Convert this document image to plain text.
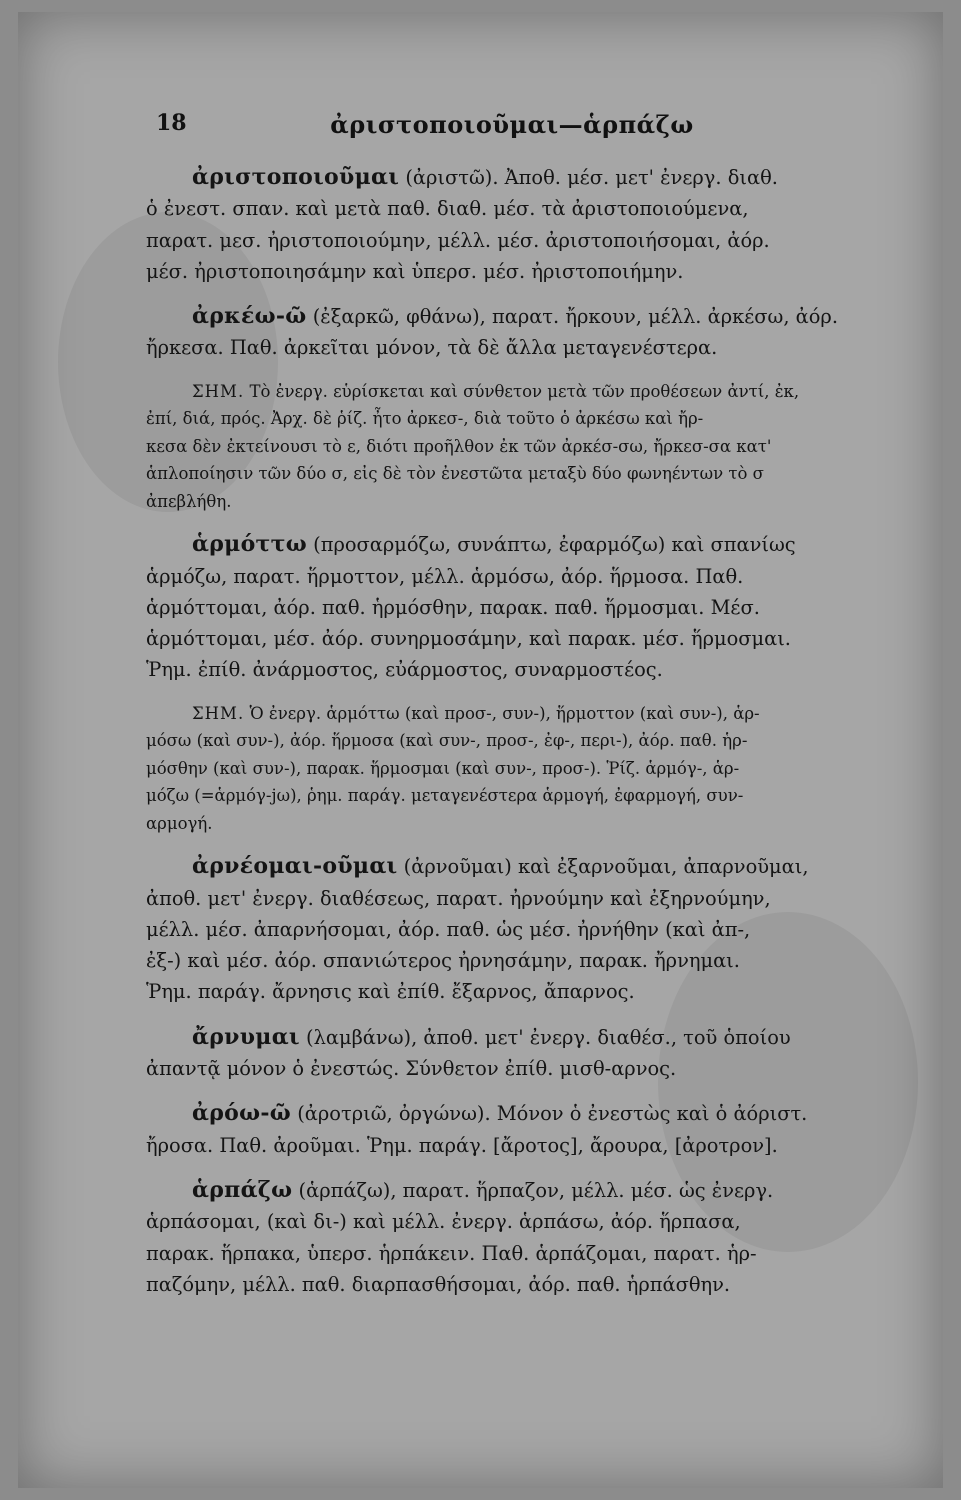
18	ἀριστοποιοῦμαι—ἁρπάζω
ἀριστοποιοῦμαι (ἀριστῶ). Ἀποθ. μέσ. μετ' ἐνεργ. διαθ.
ὁ ἐνεστ. σπαν. καὶ μετὰ παθ. διαθ. μέσ. τὰ ἀριστοποιούμενα,
παρατ. μεσ. ἠριστοποιούμην, μέλλ. μέσ. ἀριστοποιήσομαι, ἀόρ.
μέσ. ἠριστοποιησάμην καὶ ὑπερσ. μέσ. ἠριστοποιήμην.
ἀρκέω-ῶ (ἐξαρκῶ, φθάνω), παρατ. ἤρκουν, μέλλ. ἀρκέσω, ἀόρ.
ἤρκεσα. Παθ. ἀρκεῖται μόνον, τὰ δὲ ἄλλα μεταγενέστερα.
ΣΗΜ. Τὸ ἐνεργ. εὑρίσκεται καὶ σύνθετον μετὰ τῶν προθέσεων ἀντί, ἐκ,
ἐπί, διά, πρός. Ἀρχ. δὲ ῥίζ. ἦτο ἀρκεσ-, διὰ τοῦτο ὁ ἀρκέσω καὶ ἤρ-
κεσα δὲν ἐκτείνουσι τὸ ε, διότι προῆλθον ἐκ τῶν ἀρκέσ-σω, ἤρκεσ-σα κατ'
ἁπλοποίησιν τῶν δύο σ, εἰς δὲ τὸν ἐνεστῶτα μεταξὺ δύο φωνηέντων τὸ σ
ἀπεβλήθη.
ἁρμόττω (προσαρμόζω, συνάπτω, ἐφαρμόζω) καὶ σπανίως
ἁρμόζω, παρατ. ἥρμοττον, μέλλ. ἁρμόσω, ἀόρ. ἥρμοσα. Παθ.
ἁρμόττομαι, ἀόρ. παθ. ἡρμόσθην, παρακ. παθ. ἥρμοσμαι. Μέσ.
ἁρμόττομαι, μέσ. ἀόρ. συνηρμοσάμην, καὶ παρακ. μέσ. ἥρμοσμαι.
Ῥημ. ἐπίθ. ἀνάρμοστος, εὐάρμοστος, συναρμοστέος.
ΣΗΜ. Ὁ ἐνεργ. ἁρμόττω (καὶ προσ-, συν-), ἥρμοττον (καὶ συν-), ἁρ-
μόσω (καὶ συν-), ἀόρ. ἥρμοσα (καὶ συν-, προσ-, ἐφ-, περι-), ἀόρ. παθ. ἡρ-
μόσθην (καὶ συν-), παρακ. ἥρμοσμαι (καὶ συν-, προσ-). Ῥίζ. ἁρμόγ-, ἁρ-
μόζω (=ἁρμόγ-jω), ῥημ. παράγ. μεταγενέστερα ἁρμογή, ἐφαρμογή, συν-
αρμογή.
ἀρνέομαι-οῦμαι (ἀρνοῦμαι) καὶ ἐξαρνοῦμαι, ἀπαρνοῦμαι,
ἀποθ. μετ' ἐνεργ. διαθέσεως, παρατ. ἠρνούμην καὶ ἐξηρνούμην,
μέλλ. μέσ. ἀπαρνήσομαι, ἀόρ. παθ. ὡς μέσ. ἠρνήθην (καὶ ἀπ-,
ἐξ-) καὶ μέσ. ἀόρ. σπανιώτερος ἠρνησάμην, παρακ. ἤρνημαι.
Ῥημ. παράγ. ἄρνησις καὶ ἐπίθ. ἔξαρνος, ἄπαρνος.
ἄρνυμαι (λαμβάνω), ἀποθ. μετ' ἐνεργ. διαθέσ., τοῦ ὁποίου
ἀπαντᾷ μόνον ὁ ἐνεστώς. Σύνθετον ἐπίθ. μισθ-αρνος.
ἀρόω-ῶ (ἀροτριῶ, ὀργώνω). Μόνον ὁ ἐνεστὼς καὶ ὁ ἀόριστ.
ἤροσα. Παθ. ἀροῦμαι. Ῥημ. παράγ. [ἄροτος], ἄρουρα, [ἀροτρον].
ἁρπάζω (ἁρπάζω), παρατ. ἥρπαζον, μέλλ. μέσ. ὡς ἐνεργ.
ἁρπάσομαι, (καὶ δι-) καὶ μέλλ. ἐνεργ. ἁρπάσω, ἀόρ. ἥρπασα,
παρακ. ἥρπακα, ὑπερσ. ἡρπάκειν. Παθ. ἁρπάζομαι, παρατ. ἡρ-
παζόμην, μέλλ. παθ. διαρπασθήσομαι, ἀόρ. παθ. ἡρπάσθην.
